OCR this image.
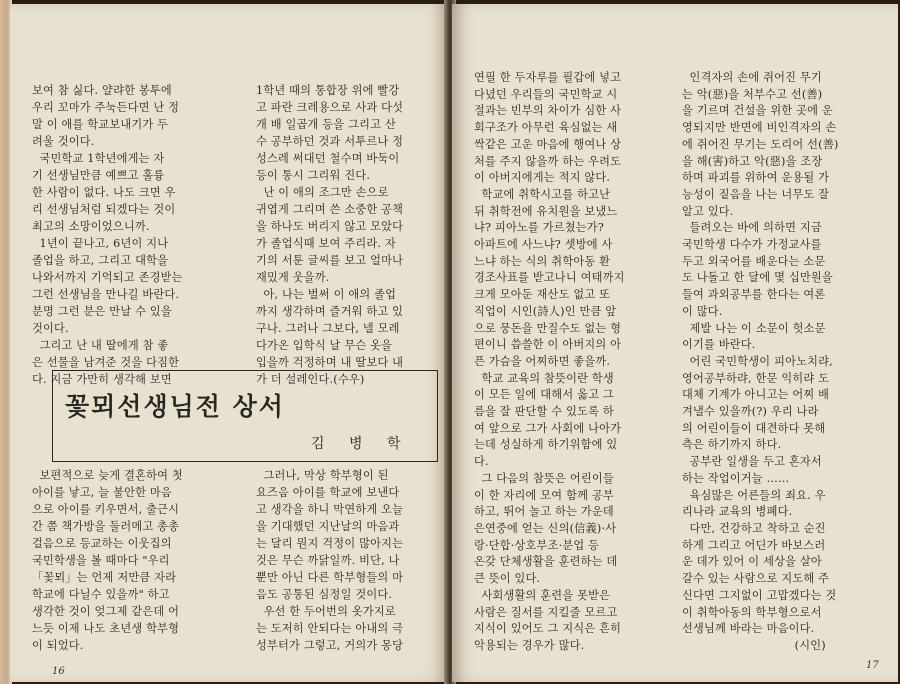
보여 참 싫다. 얄랴한 봉투에

우리 꼬마가 주눅든다면 난 정

말 이 애를 학교보내기가 두

려울 것이다.

국민학교 1학년에게는 자

기 선생님만큼 예쁘고 훌륭

한 사람이 없다. 나도 크면 우

리 선생님처럼 되겠다는 것이

최고의 소망이었으니까.

1년이 끝나고, 6년이 지나

졸업을 하고, 그리고 대학을

나와서까지 기억되고 존경받는

그런 선생님을 만나길 바란다.

분명 그런 분은 만날 수 있을

것이다.

그리고 난 내 딸에게 참 좋

은 선물을 남겨준 것을 다짐한

다. 지금 가만히 생각해 보면

1학년 때의 통합장 위에 빨강

고 파란 크레용으로 사과 다섯

개 배 일곱개 등을 그리고 산

수 공부하던 것과 서투르나 정

성스레 써대던 철수며 바둑이

등이 통시 그리워 진다.

난 이 애의 조그만 손으로

귀엽게 그리며 쓴 소중한 공책

을 하나도 버리지 않고 모았다

가 졸업식때 보여 주리라. 자

기의 서툰 글씨를 보고 얼마나

재밌게 웃을까.

아, 나는 벌써 이 애의 졸업

까지 생각하며 즐거워 하고 있

구나. 그러나 그보다, 넬 모레

다가온 입학식 날 무슨 옷을

입을까 걱정하며 내 딸보다 내

가 더 설레인다.(수우)

꽃뫼선생님전 상서
김 병 학

보편적으로 늦게 결혼하여 첫

아이를 낳고, 늘 불안한 마음

으로 아이를 키우면서, 출근시

간 쯤 책가방을 둘러메고 총총

걸음으로 등교하는 이웃집의

국민학생을 볼 때마다 "우리

「꽃뫼」는 언제 저만큼 자라

학교에 다닐수 있을까" 하고

생각한 것이 엊그제 같은데 어

느듯 이제 나도 초년생 학부형

이 되었다.

그러나, 막상 학부형이 된

요즈음 아이를 학교에 보낸다

고 생각을 하니 막연하게 오늘

을 기대했던 지난날의 마음과

는 달리 뭔지 걱정이 많아지는

것은 무슨 까닭일까. 비단, 나

뿐만 아닌 다른 학부형들의 마

음도 공통된 심정일 것이다.

우선 한 두어번의 옷가지로

는 도저히 안되다는 아내의 극

성부터가 그렇고, 거의가 몽당

16

연필 한 두자루를 필갑에 넣고

다녔던 우리들의 국민학교 시

절과는 빈부의 차이가 심한 사

회구조가 아무런 육심없는 새

싹같은 고운 마음에 행여나 상

처를 주지 않을까 하는 우려도

이 아버지에게는 적지 않다.

학교에 취학시고를 하고난

뒤 취학전에 유치원을 보냈느

냐? 피아노를 가르쳤는가?

아파트에 사느냐? 셋방에 사

느냐 하는 식의 취학아동 환

경조사표를 받고나니 여태까지

크게 모아둔 재산도 없고 또

직업이 시인(詩人)인 만큼 앞

으로 뭉돈을 만질수도 없는 형

편이니 씁쓸한 이 아버지의 아

픈 가슴을 어찌하면 좋을까.

학교 교육의 참뜻이란 학생

이 모든 일에 대해서 옳고 그

름을 잘 판단할 수 있도록 하

여 앞으로 그가 사회에 나아가

는데 성실하게 하기위함에 있

다.

그 다음의 참뜻은 어린이들

이 한 자리에 모여 함께 공부

하고, 뛰어 놀고 하는 가운데

은연중에 얻는 신의(信義)·사

랑·단합·상호부조·분업 등

온갖 단체생활을 훈련하는 데

큰 뜻이 있다.

사회생활의 훈련을 못받은

사람은 질서를 지킬줄 모르고

지식이 있어도 그 지식은 흔히

악용되는 경우가 많다.

인격자의 손에 쥐어진 무기

는 악(惡)을 처부수고 선(善)

을 기르며 건설을 위한 곳에 운

영되지만 반면에 비인격자의 손

에 쥐어진 무기는 도리어 선(善)

을 해(害)하고 악(惡)을 조장

하며 파괴를 위하여 운용될 가

능성이 짙음을 나는 너무도 잘

알고 있다.

들려오는 바에 의하면 지금

국민학생 다수가 가정교사를

두고 외국어를 배운다는 소문

도 나돌고 한 달에 몇 십만원을

들여 과외공부를 한다는 여론

이 많다.

제발 나는 이 소문이 헛소문

이기를 바란다.

어린 국민학생이 피아노치랴,

영어공부하랴, 한문 익히랴 도

대체 기계가 아니고는 어찌 배

겨낼수 있을까(?) 우리 나라

의 어린이들이 대견하다 못해

측은 하기까지 하다.

공부란 일생을 두고 혼자서

하는 작업이거늘 ……

육심많은 어른들의 죄요. 우

리나라 교육의 병폐다.

다만, 건강하고 착하고 순진

하게 그리고 어딘가 바보스러

운 데가 있어 이 세상을 살아

갈수 있는 사람으로 지도해 주

신다면 그지없이 고맙겠다는 것

이 취학아동의 학부형으로서

선생님께 바라는 마음이다.

(시인)

17
